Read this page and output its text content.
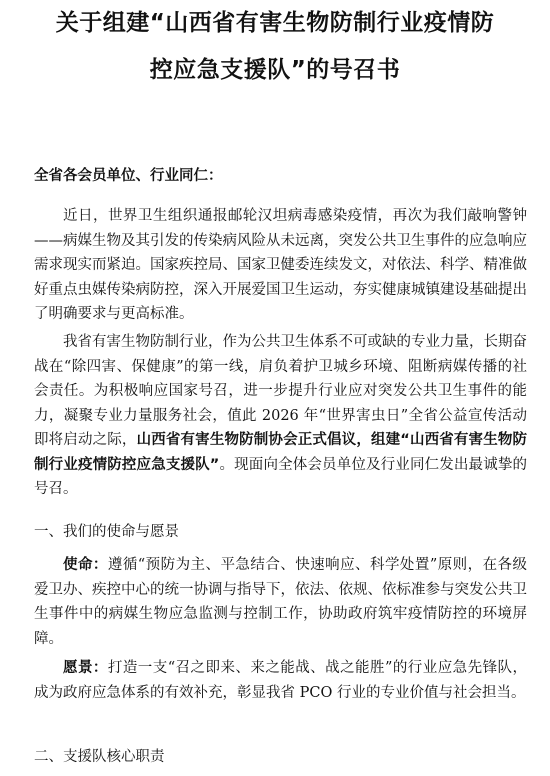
关于组建“山西省有害生物防制行业疫情防
控应急支援队”的号召书
全省各会员单位、行业同仁：
近日，世界卫生组织通报邮轮汉坦病毒感染疫情，再次为我们敲响警钟——病媒生物及其引发的传染病风险从未远离，突发公共卫生事件的应急响应需求现实而紧迫。国家疾控局、国家卫健委连续发文，对依法、科学、精准做好重点虫媒传染病防控，深入开展爱国卫生运动，夯实健康城镇建设基础提出了明确要求与更高标准。
我省有害生物防制行业，作为公共卫生体系不可或缺的专业力量，长期奋战在“除四害、保健康”的第一线，肩负着护卫城乡环境、阻断病媒传播的社会责任。为积极响应国家号召，进一步提升行业应对突发公共卫生事件的能力，凝聚专业力量服务社会，值此 2026 年“世界害虫日”全省公益宣传活动即将启动之际，山西省有害生物防制协会正式倡议，组建“山西省有害生物防制行业疫情防控应急支援队”。现面向全体会员单位及行业同仁发出最诚挚的号召。
一、我们的使命与愿景
使命：遵循“预防为主、平急结合、快速响应、科学处置”原则，在各级爱卫办、疾控中心的统一协调与指导下，依法、依规、依标准参与突发公共卫生事件中的病媒生物应急监测与控制工作，协助政府筑牢疫情防控的环境屏障。
愿景：打造一支“召之即来、来之能战、战之能胜”的行业应急先锋队，成为政府应急体系的有效补充，彰显我省 PCO 行业的专业价值与社会担当。
二、支援队核心职责
